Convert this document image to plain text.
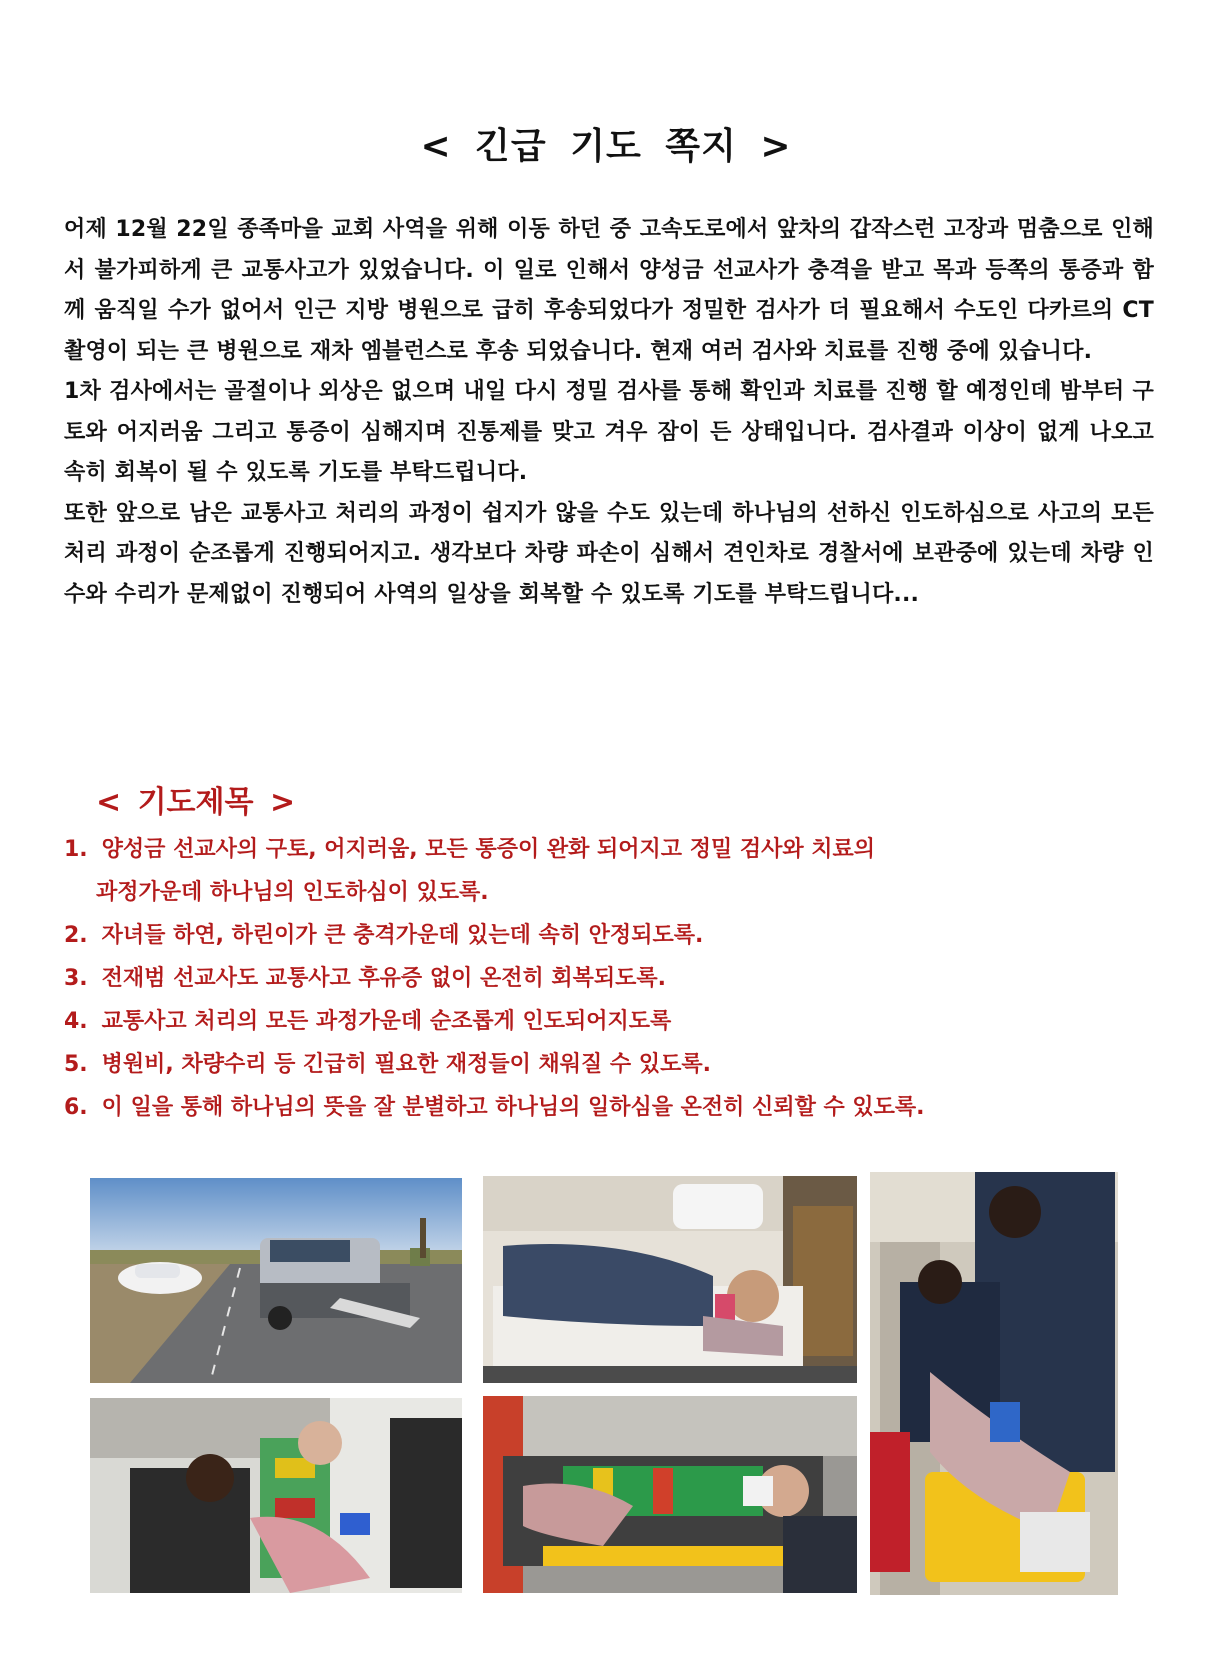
< 긴급 기도 쪽지 >

어제 12월 22일 종족마을 교회 사역을 위해 이동 하던 중 고속도로에서 앞차의 갑작스런 고장과 멈춤으로 인해서 불가피하게 큰 교통사고가 있었습니다. 이 일로 인해서 양성금 선교사가 충격을 받고 목과 등쪽의 통증과 함께 움직일 수가 없어서 인근 지방 병원으로 급히 후송되었다가 정밀한 검사가 더 필요해서 수도인 다카르의 CT 촬영이 되는 큰 병원으로 재차 엠블런스로 후송 되었습니다. 현재 여러 검사와 치료를 진행 중에 있습니다.

1차 검사에서는 골절이나 외상은 없으며 내일 다시 정밀 검사를 통해 확인과 치료를 진행 할 예정인데 밤부터 구토와 어지러움 그리고 통증이 심해지며 진통제를 맞고 겨우 잠이 든 상태입니다. 검사결과 이상이 없게 나오고 속히 회복이 될 수 있도록 기도를 부탁드립니다.

또한 앞으로 남은 교통사고 처리의 과정이 쉽지가 않을 수도 있는데 하나님의 선하신 인도하심으로 사고의 모든 처리 과정이 순조롭게 진행되어지고. 생각보다 차량 파손이 심해서 견인차로 경찰서에 보관중에 있는데 차량 인수와 수리가 문제없이 진행되어 사역의 일상을 회복할 수 있도록 기도를 부탁드립니다...

< 기도제목 >
1. 양성금 선교사의 구토, 어지러움, 모든 통증이 완화 되어지고 정밀 검사와 치료의
과정가운데 하나님의 인도하심이 있도록.
2. 자녀들 하연, 하린이가 큰 충격가운데 있는데 속히 안정되도록.
3. 전재범 선교사도 교통사고 후유증 없이 온전히 회복되도록.
4. 교통사고 처리의 모든 과정가운데 순조롭게 인도되어지도록
5. 병원비, 차량수리 등 긴급히 필요한 재정들이 채워질 수 있도록.
6. 이 일을 통해 하나님의 뜻을 잘 분별하고 하나님의 일하심을 온전히 신뢰할 수 있도록.
